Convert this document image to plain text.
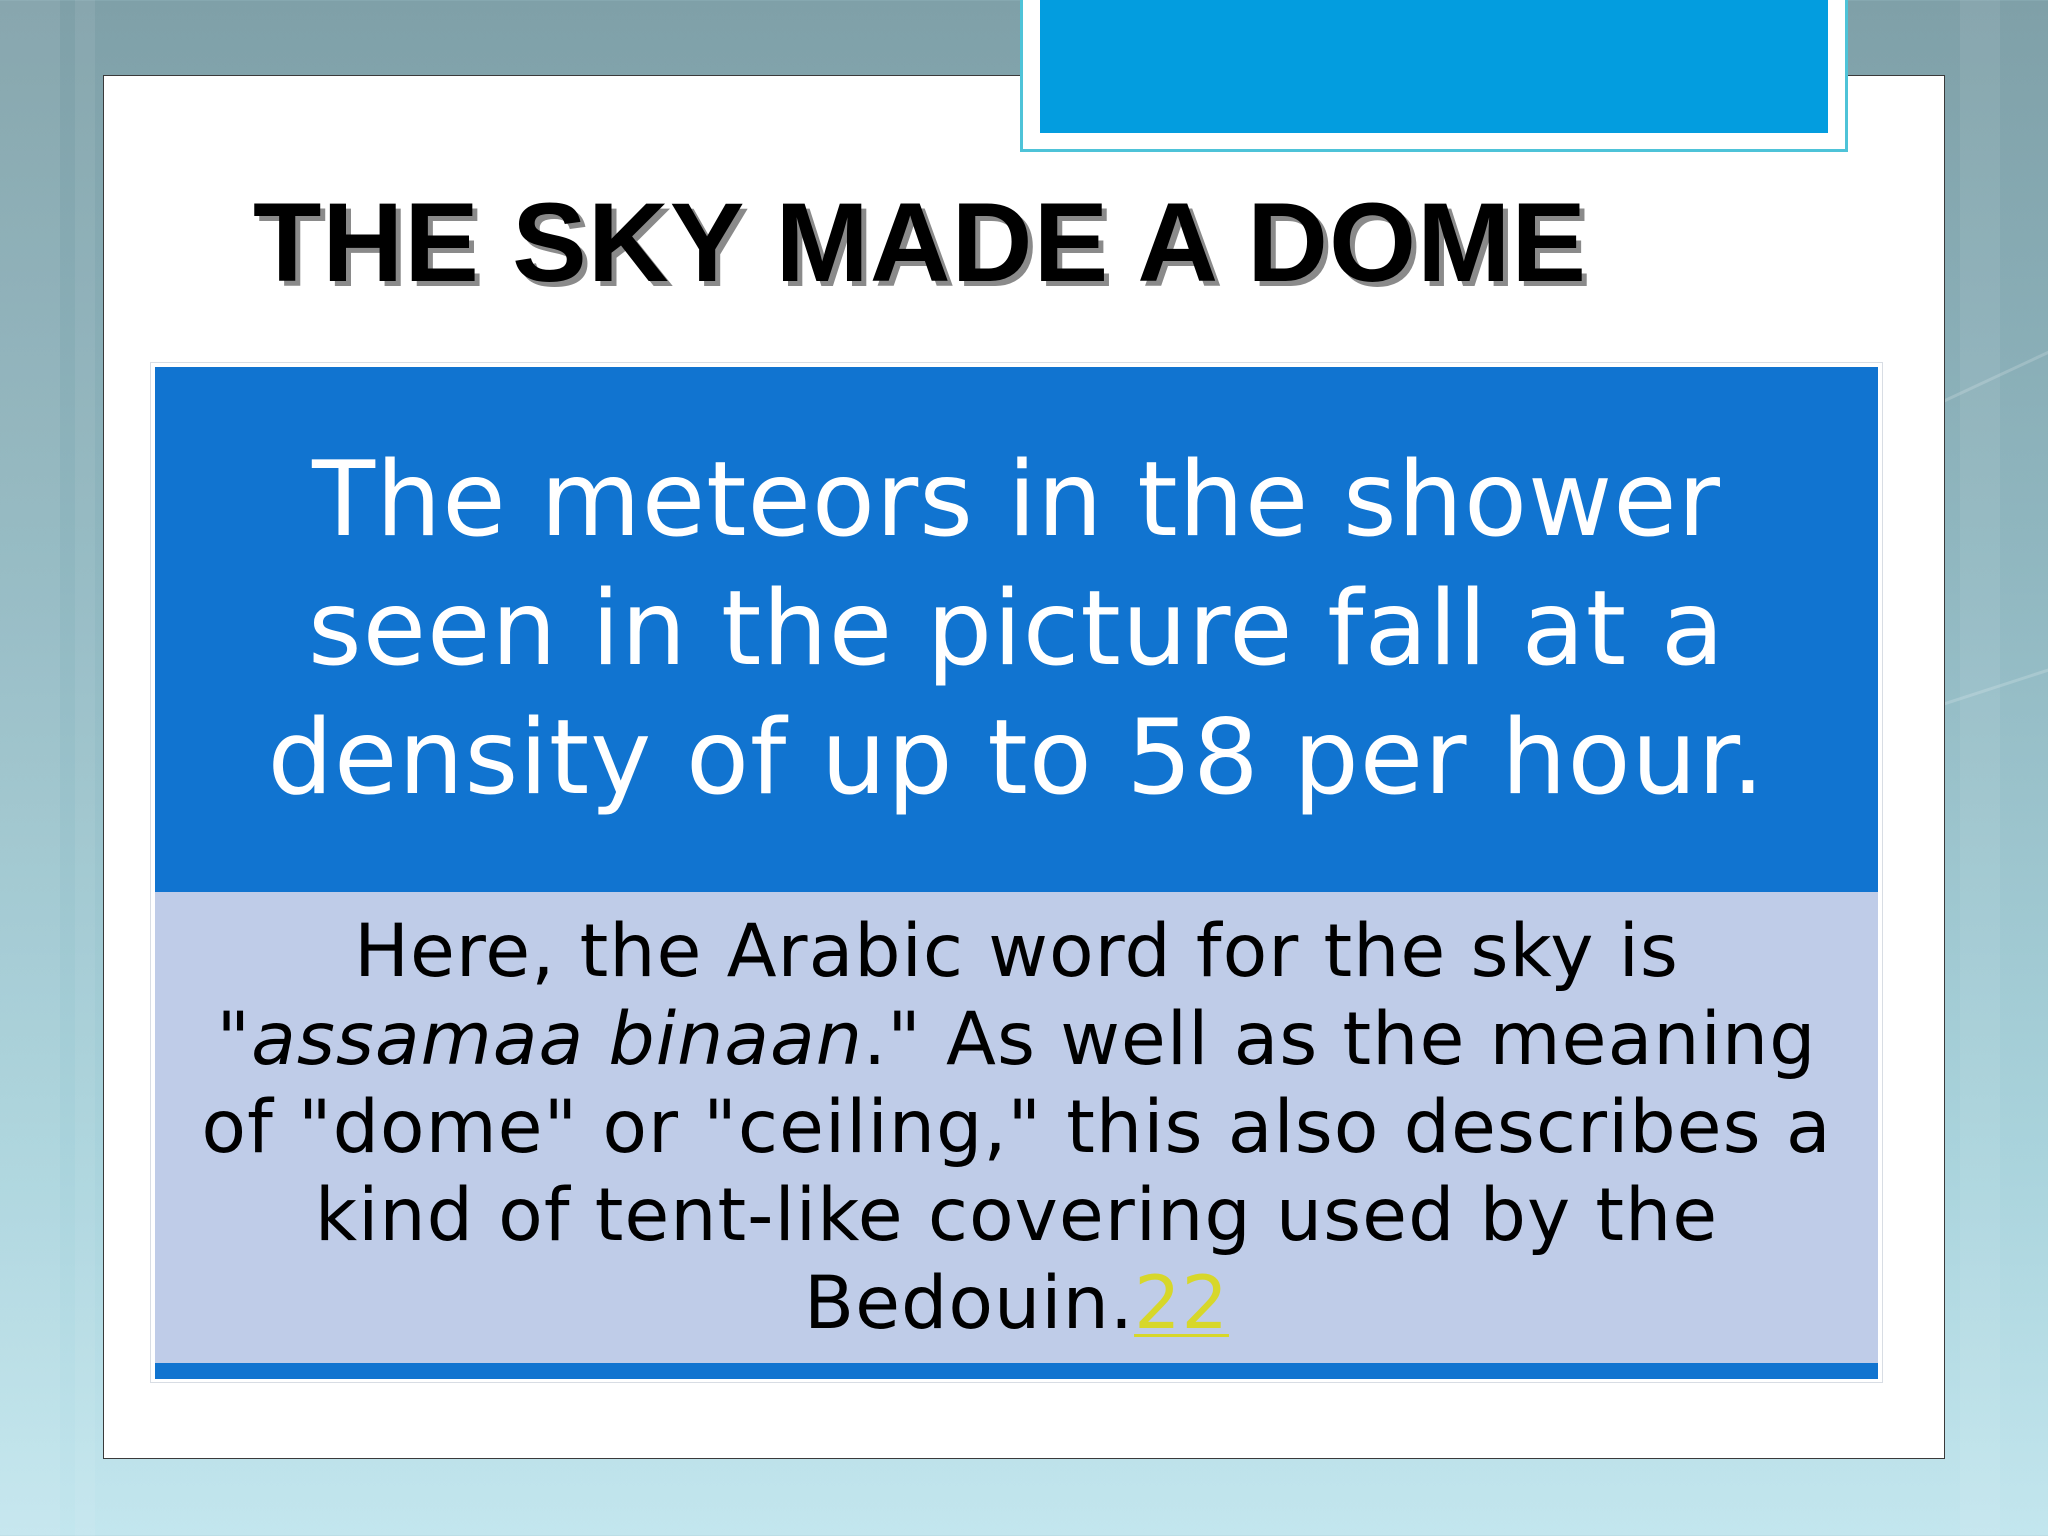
THE SKY MADE A DOME

The meteors in the shower
seen in the picture fall at a
density of up to 58 per hour.

Here, the Arabic word for the sky is
"assamaa binaan." As well as the meaning
of "dome" or "ceiling," this also describes a
kind of tent-like covering used by the
Bedouin.22
